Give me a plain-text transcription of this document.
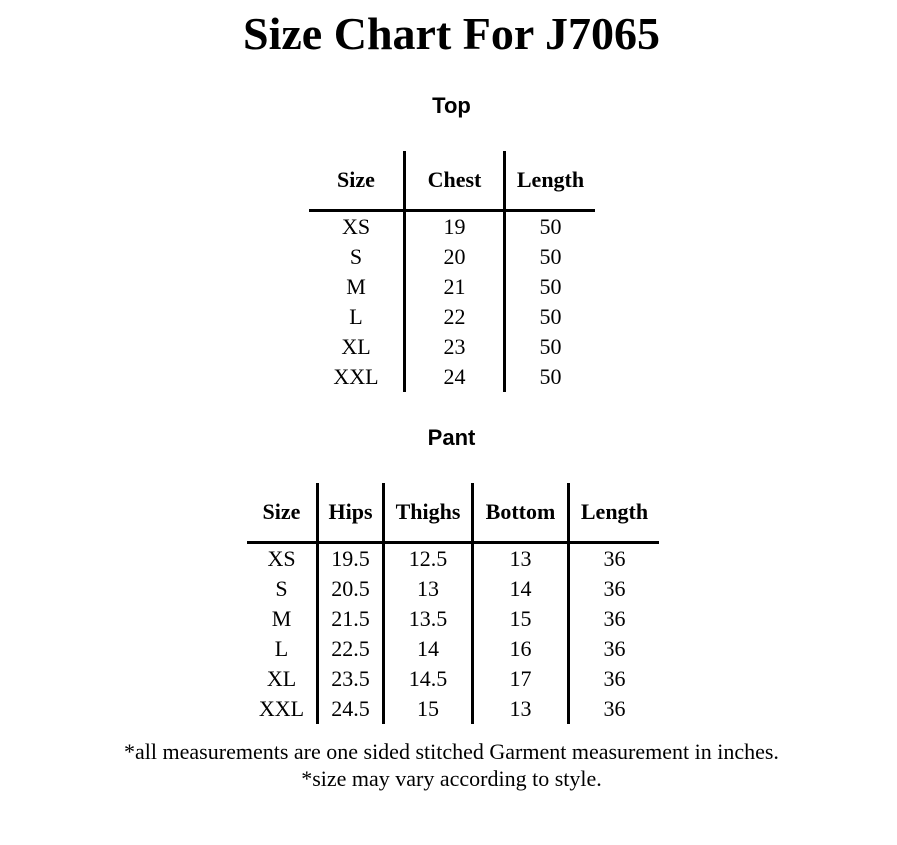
Size Chart For J7065
Top
Size	Chest	Length
XS	19	50
S	20	50
M	21	50
L	22	50
XL	23	50
XXL	24	50
Pant
Size	Hips	Thighs	Bottom	Length
XS	19.5	12.5	13	36
S	20.5	13	14	36
M	21.5	13.5	15	36
L	22.5	14	16	36
XL	23.5	14.5	17	36
XXL	24.5	15	13	36
*all measurements are one sided stitched Garment measurement in inches.
*size may vary according to style.
